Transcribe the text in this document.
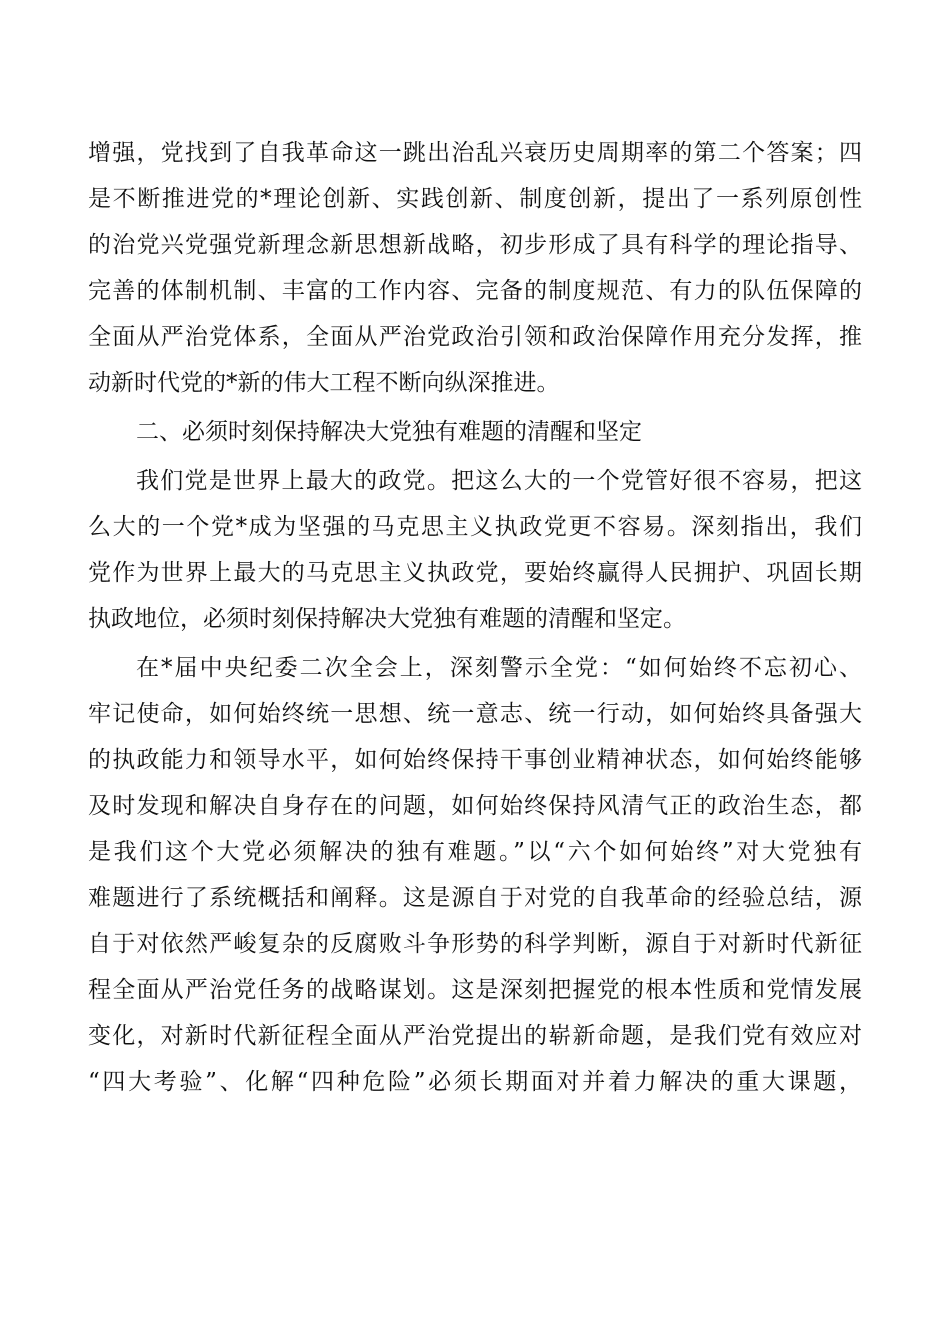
增强，党找到了自我革命这一跳出治乱兴衰历史周期率的第二个答案；四
是不断推进党的*理论创新、实践创新、制度创新，提出了一系列原创性
的治党兴党强党新理念新思想新战略，初步形成了具有科学的理论指导、
完善的体制机制、丰富的工作内容、完备的制度规范、有力的队伍保障的
全面从严治党体系，全面从严治党政治引领和政治保障作用充分发挥，推
动新时代党的*新的伟大工程不断向纵深推进。
二、必须时刻保持解决大党独有难题的清醒和坚定
我们党是世界上最大的政党。把这么大的一个党管好很不容易，把这
么大的一个党*成为坚强的马克思主义执政党更不容易。深刻指出，我们
党作为世界上最大的马克思主义执政党，要始终赢得人民拥护、巩固长期
执政地位，必须时刻保持解决大党独有难题的清醒和坚定。
在*届中央纪委二次全会上，深刻警示全党：“如何始终不忘初心、
牢记使命，如何始终统一思想、统一意志、统一行动，如何始终具备强大
的执政能力和领导水平，如何始终保持干事创业精神状态，如何始终能够
及时发现和解决自身存在的问题，如何始终保持风清气正的政治生态，都
是我们这个大党必须解决的独有难题。”以“六个如何始终”对大党独有
难题进行了系统概括和阐释。这是源自于对党的自我革命的经验总结，源
自于对依然严峻复杂的反腐败斗争形势的科学判断，源自于对新时代新征
程全面从严治党任务的战略谋划。这是深刻把握党的根本性质和党情发展
变化，对新时代新征程全面从严治党提出的崭新命题，是我们党有效应对
“四大考验”、化解“四种危险”必须长期面对并着力解决的重大课题，
